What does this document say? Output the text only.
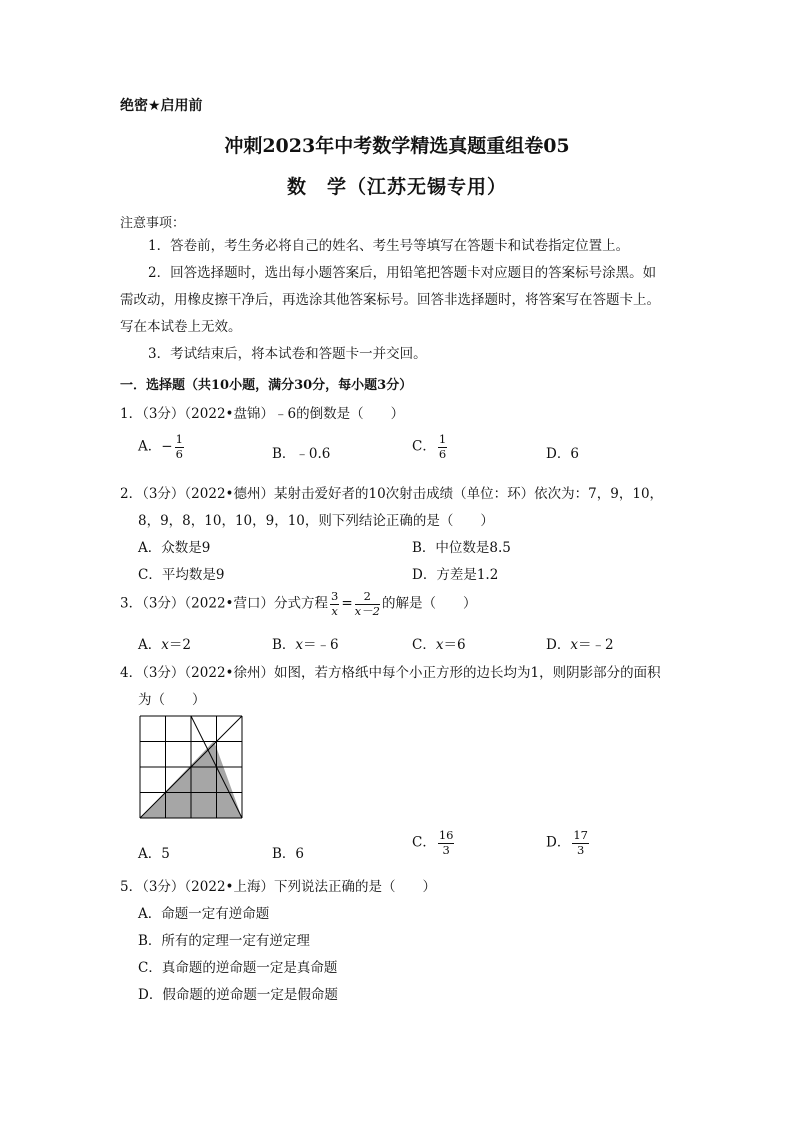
绝密★启用前
冲刺2023年中考数学精选真题重组卷05
数　学（江苏无锡专用）
注意事项：
1．答卷前，考生务必将自己的姓名、考生号等填写在答题卡和试卷指定位置上。
2．回答选择题时，选出每小题答案后，用铅笔把答题卡对应题目的答案标号涂黑。如
需改动，用橡皮擦干净后，再选涂其他答案标号。回答非选择题时，将答案写在答题卡上。
写在本试卷上无效。
3．考试结束后，将本试卷和答题卡一并交回。
一．选择题（共10小题，满分30分，每小题3分）
1．（3分）（2022•盘锦）﹣6的倒数是（　　）
A．− $\frac{1}{6}$	B．﹣0.6	C． $\frac{1}{6}$	D．6
2．（3分）（2022•德州）某射击爱好者的10次射击成绩（单位：环）依次为：7，9，10，
8，9，8，10，10，9，10，则下列结论正确的是（　　）
A．众数是9	B．中位数是8.5
C．平均数是9	D．方差是1.2
3．（3分）（2022•营口）分式方程 $\frac{3}{x} = \frac{2}{x-2}$ 的解是（　　）
A．x＝2	B．x＝﹣6	C．x＝6	D．x＝﹣2
4．（3分）（2022•徐州）如图，若方格纸中每个小正方形的边长均为1，则阴影部分的面积
为（　　）
A．5	B．6
C． $\frac{16}{3}$	D． $\frac{17}{3}$
5．（3分）（2022•上海）下列说法正确的是（　　）
A．命题一定有逆命题
B．所有的定理一定有逆定理
C．真命题的逆命题一定是真命题
D．假命题的逆命题一定是假命题
